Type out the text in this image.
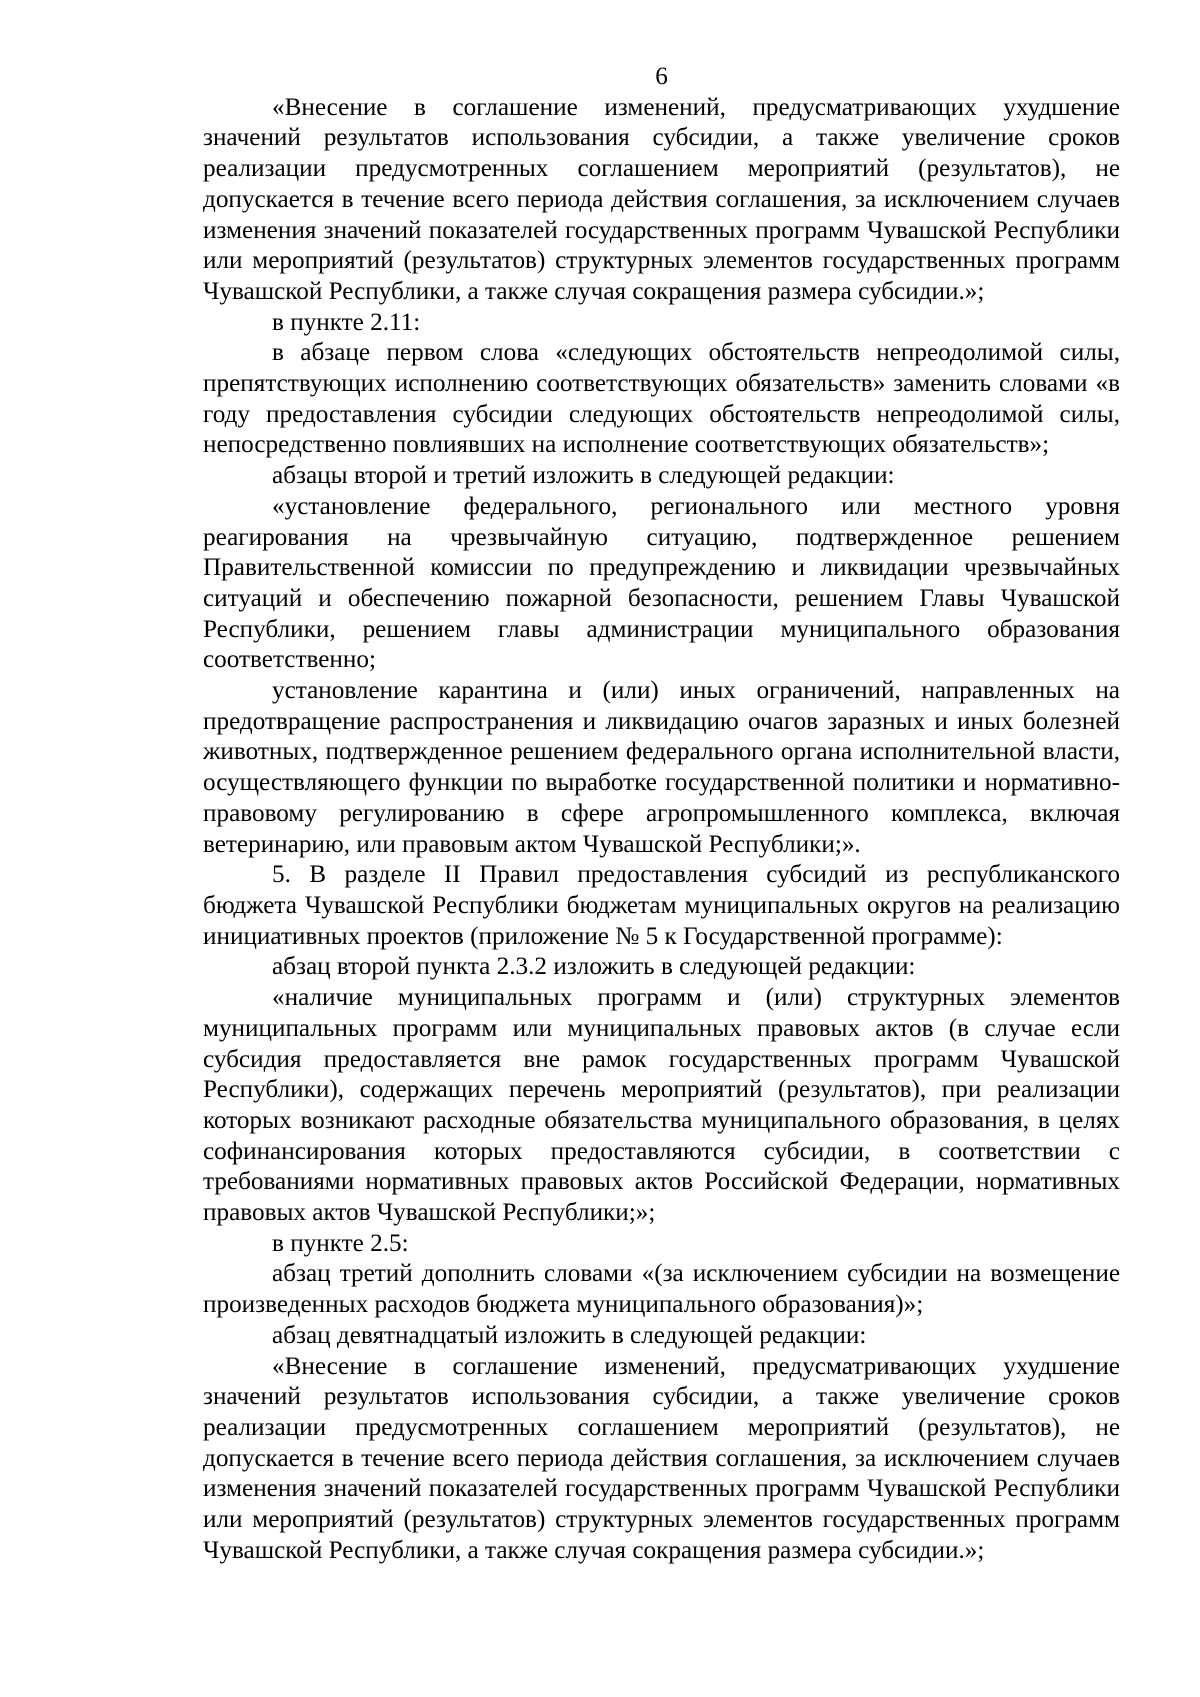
6

«Внесение в соглашение изменений, предусматривающих ухудшение значений результатов использования субсидии, а также увеличение сроков реализации предусмотренных соглашением мероприятий (результатов), не допускается в течение всего периода действия соглашения, за исключением случаев изменения значений показателей государственных программ Чувашской Республики или мероприятий (результатов) структурных элементов государственных программ Чувашской Республики, а также случая сокращения размера субсидии.»;

в пункте 2.11:

в абзаце первом слова «следующих обстоятельств непреодолимой силы, препятствующих исполнению соответствующих обязательств» заменить словами «в году предоставления субсидии следующих обстоятельств непреодолимой силы, непосредственно повлиявших на исполнение соответствующих обязательств»;

абзацы второй и третий изложить в следующей редакции:

«установление федерального, регионального или местного уровня реагирования на чрезвычайную ситуацию, подтвержденное решением Правительственной комиссии по предупреждению и ликвидации чрезвычайных ситуаций и обеспечению пожарной безопасности, решением Главы Чувашской Республики, решением главы администрации муниципального образования соответственно;

установление карантина и (или) иных ограничений, направленных на предотвращение распространения и ликвидацию очагов заразных и иных болезней животных, подтвержденное решением федерального органа исполнительной власти, осуществляющего функции по выработке государственной политики и нормативно-правовому регулированию в сфере агропромышленного комплекса, включая ветеринарию, или правовым актом Чувашской Республики;».

5. В разделе II Правил предоставления субсидий из республиканского бюджета Чувашской Республики бюджетам муниципальных округов на реализацию инициативных проектов (приложение № 5 к Государственной программе):

абзац второй пункта 2.3.2 изложить в следующей редакции:

«наличие муниципальных программ и (или) структурных элементов муниципальных программ или муниципальных правовых актов (в случае если субсидия предоставляется вне рамок государственных программ Чувашской Республики), содержащих перечень мероприятий (результатов), при реализации которых возникают расходные обязательства муниципального образования, в целях софинансирования которых предоставляются субсидии, в соответствии с требованиями нормативных правовых актов Российской Федерации, нормативных правовых актов Чувашской Республики;»;

в пункте 2.5:

абзац третий дополнить словами «(за исключением субсидии на возмещение произведенных расходов бюджета муниципального образования)»;

абзац девятнадцатый изложить в следующей редакции:

«Внесение в соглашение изменений, предусматривающих ухудшение значений результатов использования субсидии, а также увеличение сроков реализации предусмотренных соглашением мероприятий (результатов), не допускается в течение всего периода действия соглашения, за исключением случаев изменения значений показателей государственных программ Чувашской Республики или мероприятий (результатов) структурных элементов государственных программ Чувашской Республики, а также случая сокращения размера субсидии.»;
